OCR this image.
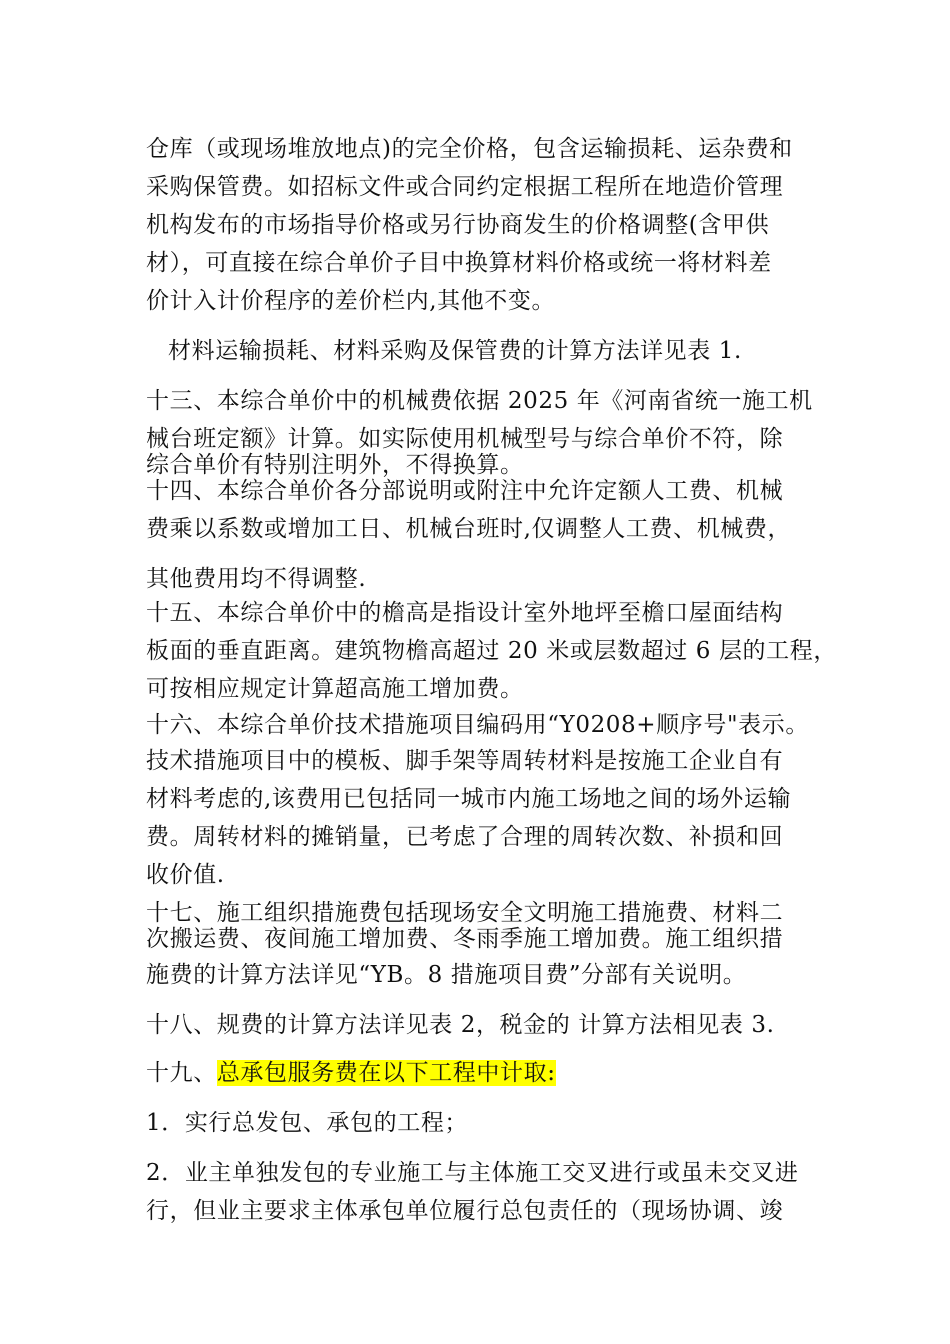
仓库（或现场堆放地点)的完全价格，包含运输损耗、运杂费和
采购保管费。如招标文件或合同约定根据工程所在地造价管理
机构发布的市场指导价格或另行协商发生的价格调整(含甲供
材），可直接在综合单价子目中换算材料价格或统一将材料差
价计入计价程序的差价栏内,其他不变。
材料运输损耗、材料采购及保管费的计算方法详见表 1.
十三、本综合单价中的机械费依据 2025 年《河南省统一施工机
械台班定额》计算。如实际使用机械型号与综合单价不符，除
综合单价有特别注明外，不得换算。
十四、本综合单价各分部说明或附注中允许定额人工费、机械
费乘以系数或增加工日、机械台班时,仅调整人工费、机械费，
其他费用均不得调整.
十五、本综合单价中的檐高是指设计室外地坪至檐口屋面结构
板面的垂直距离。建筑物檐高超过 20 米或层数超过 6 层的工程，
可按相应规定计算超高施工增加费。
十六、本综合单价技术措施项目编码用“Y0208+顺序号"表示。
技术措施项目中的模板、脚手架等周转材料是按施工企业自有
材料考虑的,该费用已包括同一城市内施工场地之间的场外运输
费。周转材料的摊销量，已考虑了合理的周转次数、补损和回
收价值.
十七、施工组织措施费包括现场安全文明施工措施费、材料二
次搬运费、夜间施工增加费、冬雨季施工增加费。施工组织措
施费的计算方法详见“YB。8 措施项目费”分部有关说明。
十八、规费的计算方法详见表 2，税金的 计算方法相见表 3.
十九、总承包服务费在以下工程中计取:
1．实行总发包、承包的工程；
2．业主单独发包的专业施工与主体施工交叉进行或虽未交叉进
行，但业主要求主体承包单位履行总包责任的（现场协调、竣
